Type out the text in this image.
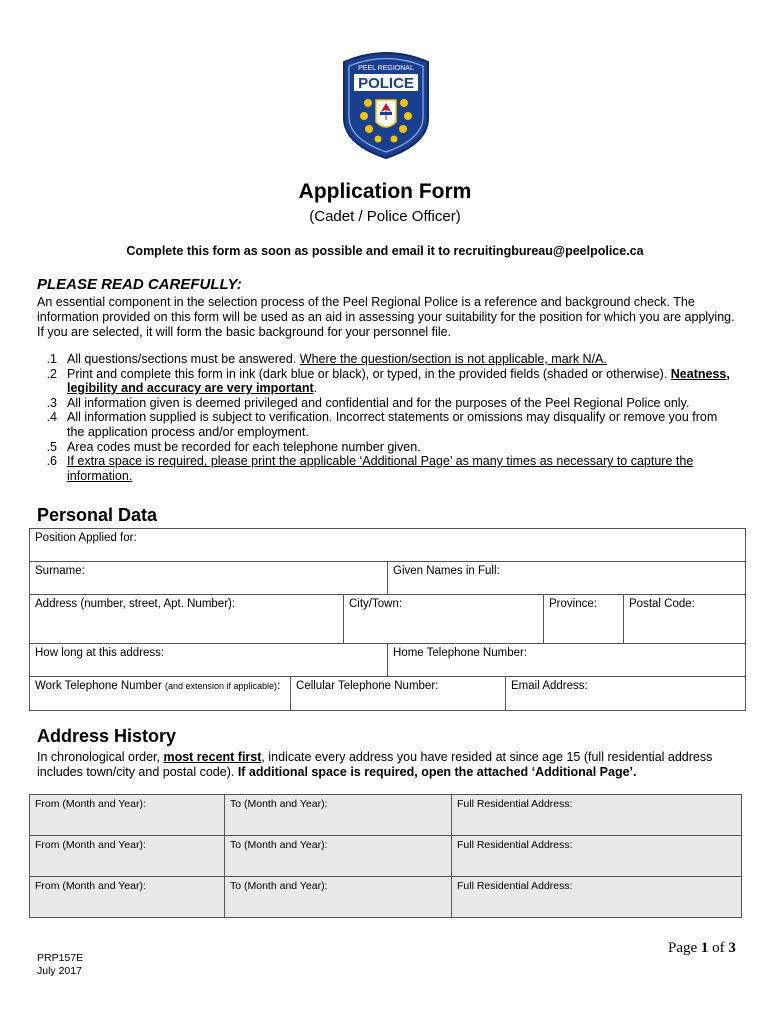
PEEL REGIONAL
POLICE
Application Form
(Cadet / Police Officer)
Complete this form as soon as possible and email it to recruitingbureau@peelpolice.ca
PLEASE READ CAREFULLY:
An essential component in the selection process of the Peel Regional Police is a reference and background check. The information provided on this form will be used as an aid in assessing your suitability for the position for which you are applying. If you are selected, it will form the basic background for your personnel file.
1. All questions/sections must be answered. Where the question/section is not applicable, mark N/A.
2. Print and complete this form in ink (dark blue or black), or typed, in the provided fields (shaded or otherwise). Neatness, legibility and accuracy are very important.
3. All information given is deemed privileged and confidential and for the purposes of the Peel Regional Police only.
4. All information supplied is subject to verification. Incorrect statements or omissions may disqualify or remove you from the application process and/or employment.
5. Area codes must be recorded for each telephone number given.
6. If extra space is required, please print the applicable ‘Additional Page’ as many times as necessary to capture the information.
Personal Data
Position Applied for:						
Surname:			Given Names in Full:			
Address (number, street, Apt. Number):		City/Town:			Province:	Postal Code:
How long at this address:			Home Telephone Number:			
Work Telephone Number (and extension if applicable):	Cellular Telephone Number:			Email Address:		
Address History
In chronological order, most recent first, indicate every address you have resided at since age 15 (full residential address includes town/city and postal code). If additional space is required, open the attached ‘Additional Page’.
From (Month and Year):	To (Month and Year):	Full Residential Address:
From (Month and Year):	To (Month and Year):	Full Residential Address:
From (Month and Year):	To (Month and Year):	Full Residential Address:
Page 1 of 3
PRP157E
July 2017
